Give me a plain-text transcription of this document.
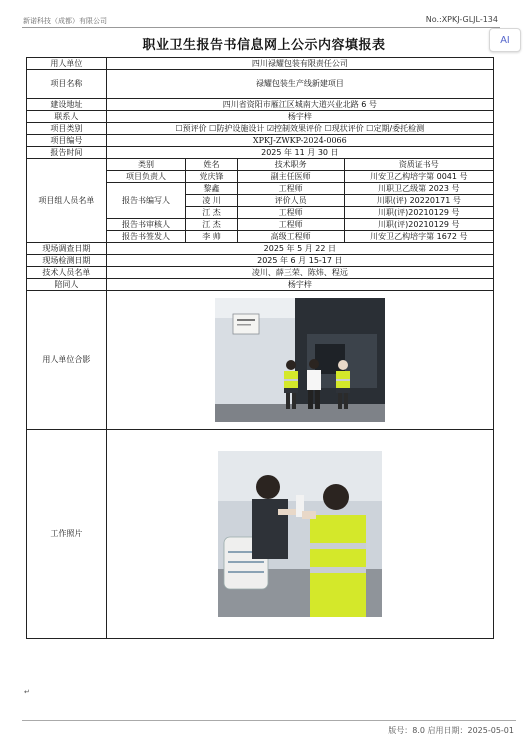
新诺科技（成都）有限公司	No.:XPKJ-GLJL-134
AI
职业卫生报告书信息网上公示内容填报表
用人单位	四川禄耀包装有限责任公司			
项目名称	禄耀包装生产线新建项目			
建设地址	四川省资阳市雁江区城南大道兴业北路 6 号			
联系人	杨宇梓			
项目类别	☐预评价 ☐防护设施设计 ☑控制效果评价 ☐现状评价 ☐定期/委托检测			
项目编号	XPKJ-ZWKP-2024-0066			
报告时间	2025 年 11 月 30 日			
项目组人员名单	类别	姓名	技术职务	资质证书号
	项目负责人	党庆锋	副主任医师	川安卫乙构培字第 0041 号
	报告书编写人	黎鑫	工程师	川职卫乙级第 2023 号
		凌 川	评价人员	川职(评) 20220171 号
		江 杰	工程师	川职(评)20210129 号
	报告书审核人	江 杰	工程师	川职(评)20210129 号
	报告书签发人	李 帅	高级工程师	川安卫乙构培字第 1672 号
现场调查日期	2025 年 5 月 22 日			
现场检测日期	2025 年 6 月 15-17 日			
技术人员名单	凌川、薛三荣、陈炜、程远			
陪同人	杨宇梓			
用人单位合影	

工作照片	
↵
版号：8.0 启用日期：2025-05-01
